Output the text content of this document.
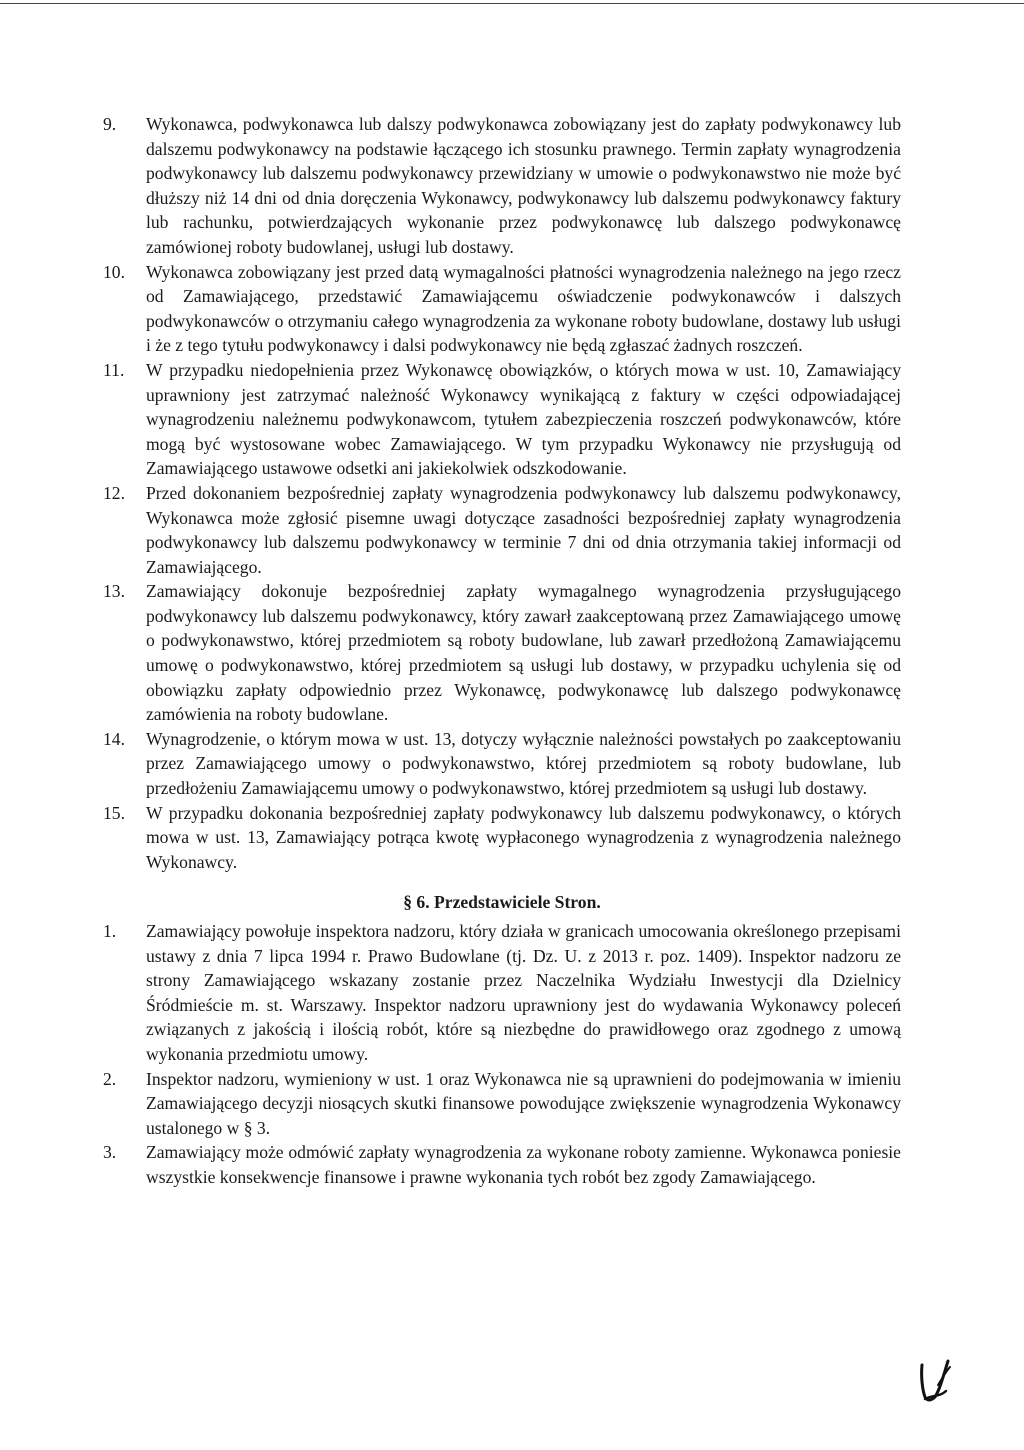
9.	Wykonawca, podwykonawca lub dalszy podwykonawca zobowiązany jest do zapłaty podwykonawcy lub dalszemu podwykonawcy na podstawie łączącego ich stosunku prawnego. Termin zapłaty wynagrodzenia podwykonawcy lub dalszemu podwykonawcy przewidziany w umowie o podwykonawstwo nie może być dłuższy niż 14 dni od dnia doręczenia Wykonawcy, podwykonawcy lub dalszemu podwykonawcy faktury lub rachunku, potwierdzających wykonanie przez podwykonawcę lub dalszego podwykonawcę zamówionej roboty budowlanej, usługi lub dostawy.
10.	Wykonawca zobowiązany jest przed datą wymagalności płatności wynagrodzenia należnego na jego rzecz od Zamawiającego, przedstawić Zamawiającemu oświadczenie podwykonawców i dalszych podwykonawców o otrzymaniu całego wynagrodzenia za wykonane roboty budowlane, dostawy lub usługi i że z tego tytułu podwykonawcy i dalsi podwykonawcy nie będą zgłaszać żadnych roszczeń.
11.	W przypadku niedopełnienia przez Wykonawcę obowiązków, o których mowa w ust. 10, Zamawiający uprawniony jest zatrzymać należność Wykonawcy wynikającą z faktury w części odpowiadającej wynagrodzeniu należnemu podwykonawcom, tytułem zabezpieczenia roszczeń podwykonawców, które mogą być wystosowane wobec Zamawiającego. W tym przypadku Wykonawcy nie przysługują od Zamawiającego ustawowe odsetki ani jakiekolwiek odszkodowanie.
12.	Przed dokonaniem bezpośredniej zapłaty wynagrodzenia podwykonawcy lub dalszemu podwykonawcy, Wykonawca może zgłosić pisemne uwagi dotyczące zasadności bezpośredniej zapłaty wynagrodzenia podwykonawcy lub dalszemu podwykonawcy w terminie 7 dni od dnia otrzymania takiej informacji od Zamawiającego.
13.	Zamawiający dokonuje bezpośredniej zapłaty wymagalnego wynagrodzenia przysługującego podwykonawcy lub dalszemu podwykonawcy, który zawarł zaakceptowaną przez Zamawiającego umowę o podwykonawstwo, której przedmiotem są roboty budowlane, lub zawarł przedłożoną Zamawiającemu umowę o podwykonawstwo, której przedmiotem są usługi lub dostawy, w przypadku uchylenia się od obowiązku zapłaty odpowiednio przez Wykonawcę, podwykonawcę lub dalszego podwykonawcę zamówienia na roboty budowlane.
14.	Wynagrodzenie, o którym mowa w ust. 13, dotyczy wyłącznie należności powstałych po zaakceptowaniu przez Zamawiającego umowy o podwykonawstwo, której przedmiotem są roboty budowlane, lub przedłożeniu Zamawiającemu umowy o podwykonawstwo, której przedmiotem są usługi lub dostawy.
15.	W przypadku dokonania bezpośredniej zapłaty podwykonawcy lub dalszemu podwykonawcy, o których mowa w ust. 13, Zamawiający potrąca kwotę wypłaconego wynagrodzenia z wynagrodzenia należnego Wykonawcy.
§ 6. Przedstawiciele Stron.
1.	Zamawiający powołuje inspektora nadzoru, który działa w granicach umocowania określonego przepisami ustawy z dnia 7 lipca 1994 r. Prawo Budowlane (tj. Dz. U. z 2013 r. poz. 1409). Inspektor nadzoru ze strony Zamawiającego wskazany zostanie przez Naczelnika Wydziału Inwestycji dla Dzielnicy Śródmieście m. st. Warszawy. Inspektor nadzoru uprawniony jest do wydawania Wykonawcy poleceń związanych z jakością i ilością robót, które są niezbędne do prawidłowego oraz zgodnego z umową wykonania przedmiotu umowy.
2.	Inspektor nadzoru, wymieniony w ust. 1 oraz Wykonawca nie są uprawnieni do podejmowania w imieniu Zamawiającego decyzji niosących skutki finansowe powodujące zwiększenie wynagrodzenia Wykonawcy ustalonego w § 3.
3.	Zamawiający może odmówić zapłaty wynagrodzenia za wykonane roboty zamienne. Wykonawca poniesie wszystkie konsekwencje finansowe i prawne wykonania tych robót bez zgody Zamawiającego.
